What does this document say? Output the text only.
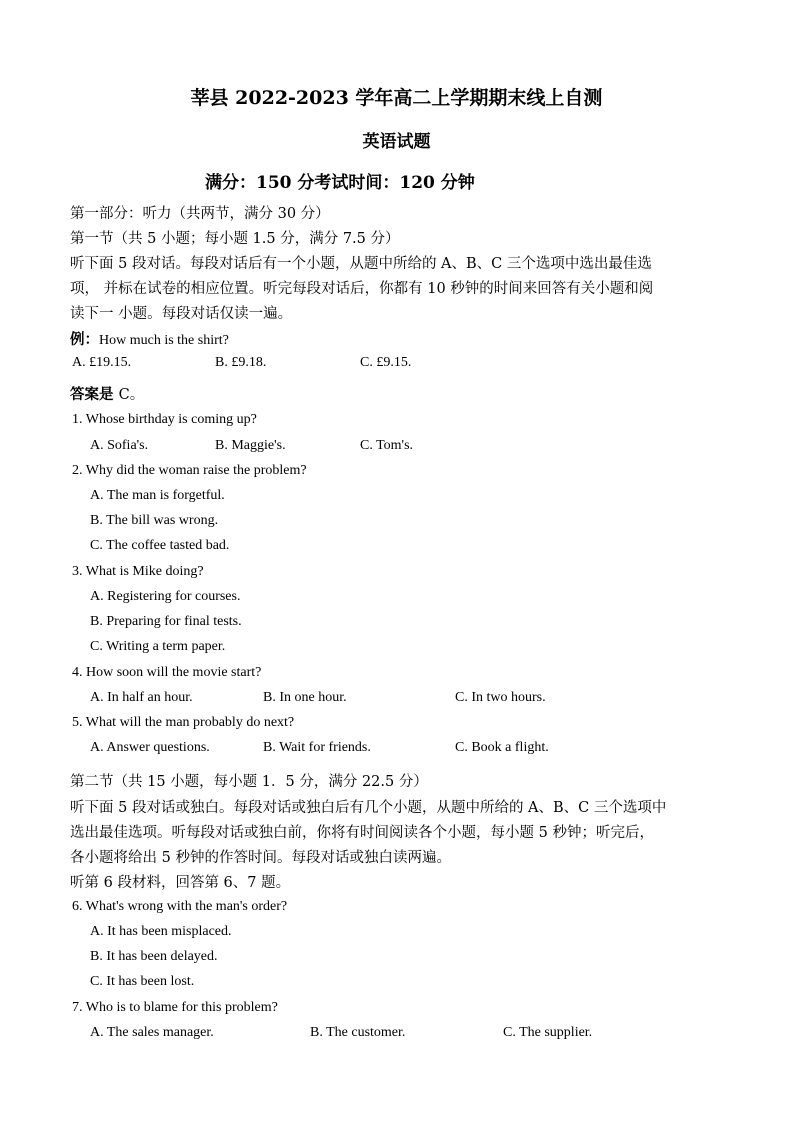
莘县 2022-2023 学年高二上学期期末线上自测
英语试题
满分：150 分考试时间：120 分钟
第一部分：听力（共两节，满分 30 分）
第一节（共 5 小题；每小题 1.5 分，满分 7.5 分）
听下面 5 段对话。每段对话后有一个小题，从题中所给的 A、B、C 三个选项中选出最佳选
项， 并标在试卷的相应位置。听完每段对话后，你都有 10 秒钟的时间来回答有关小题和阅
读下一 小题。每段对话仅读一遍。
例：How much is the shirt?
A. £19.15.	B. £9.18.	C. £9.15.
答案是 C。
1. Whose birthday is coming up?
A. Sofia's.	B. Maggie's.	C. Tom's.
2. Why did the woman raise the problem?
A. The man is forgetful.
B. The bill was wrong.
C. The coffee tasted bad.
3. What is Mike doing?
A. Registering for courses.
B. Preparing for final tests.
C. Writing a term paper.
4. How soon will the movie start?
A. In half an hour.	B. In one hour.	C. In two hours.
5. What will the man probably do next?
A. Answer questions.	B. Wait for friends.	C. Book a flight.
第二节（共 15 小题，每小题 1．5 分，满分 22.5 分）
听下面 5 段对话或独白。每段对话或独白后有几个小题，从题中所给的 A、B、C 三个选项中
选出最佳选项。听每段对话或独白前，你将有时间阅读各个小题，每小题 5 秒钟；听完后，
各小题将给出 5 秒钟的作答时间。每段对话或独白读两遍。
听第 6 段材料，回答第 6、7 题。
6. What's wrong with the man's order?
A. It has been misplaced.
B. It has been delayed.
C. It has been lost.
7. Who is to blame for this problem?
A. The sales manager.	B. The customer.	C. The supplier.
